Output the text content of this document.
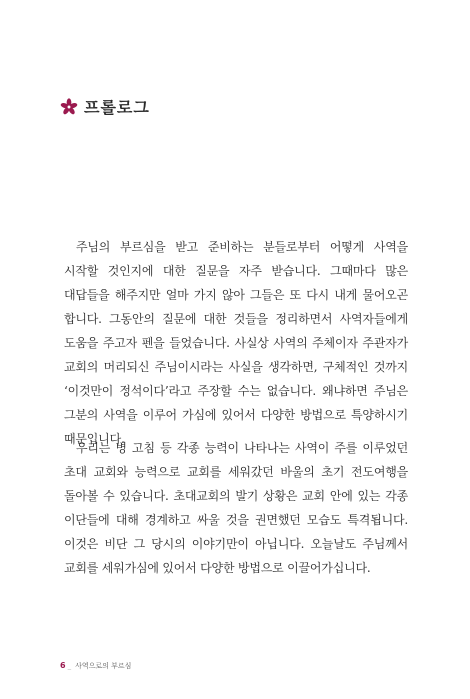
프롤로그

주님의 부르심을 받고 준비하는 분들로부터 어떻게 사역을 시작할 것인지에 대한 질문을 자주 받습니다. 그때마다 많은 대답들을 해주지만 얼마 가지 않아 그들은 또 다시 내게 물어오곤 합니다. 그동안의 질문에 대한 것들을 정리하면서 사역자들에게 도움을 주고자 펜을 들었습니다. 사실상 사역의 주체이자 주관자가 교회의 머리되신 주님이시라는 사실을 생각하면, 구체적인 것까지 ‘이것만이 정석이다’라고 주장할 수는 없습니다. 왜냐하면 주님은 그분의 사역을 이루어 가심에 있어서 다양한 방법으로 특양하시기 때문입니다.

우리는 병 고침 등 각종 능력이 나타나는 사역이 주를 이루었던 초대 교회와 능력으로 교회를 세워갔던 바울의 초기 전도여행을 돌아볼 수 있습니다. 초대교회의 발기 상황은 교회 안에 있는 각종 이단들에 대해 경계하고 싸울 것을 권면했던 모습도 특격됩니다. 이것은 비단 그 당시의 이야기만이 아닙니다. 오늘날도 주님께서 교회를 세워가심에 있어서 다양한 방법으로 이끌어가십니다.

6 _ 사역으로의 부르심
